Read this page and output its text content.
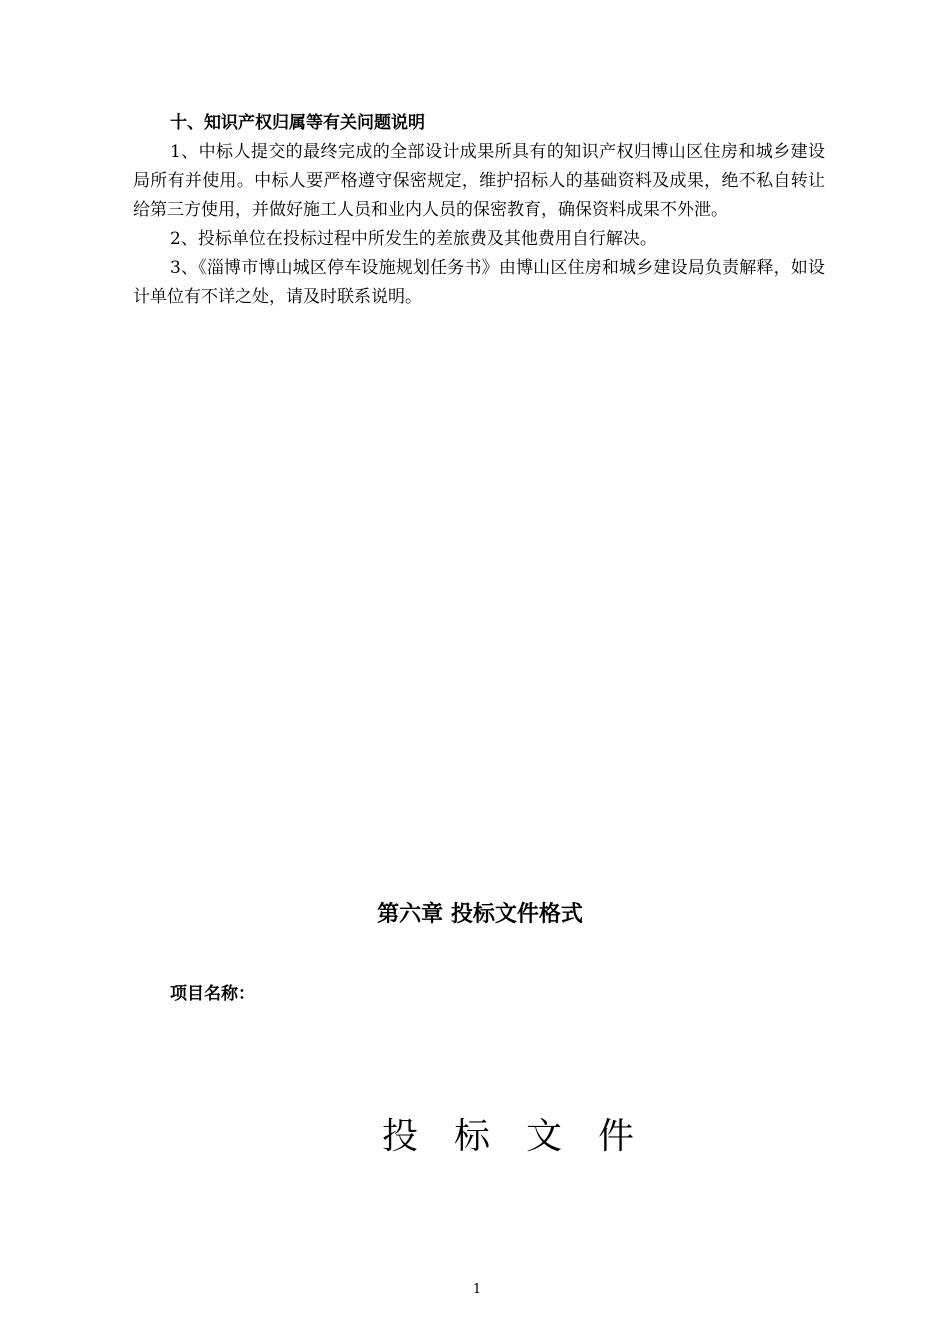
十、知识产权归属等有关问题说明

1、中标人提交的最终完成的全部设计成果所具有的知识产权归博山区住房和城乡建设局所有并使用。中标人要严格遵守保密规定，维护招标人的基础资料及成果，绝不私自转让给第三方使用，并做好施工人员和业内人员的保密教育，确保资料成果不外泄。

2、投标单位在投标过程中所发生的差旅费及其他费用自行解决。

3、《淄博市博山城区停车设施规划任务书》由博山区住房和城乡建设局负责解释，如设计单位有不详之处，请及时联系说明。

第六章 投标文件格式
项目名称：
投标文件
1
